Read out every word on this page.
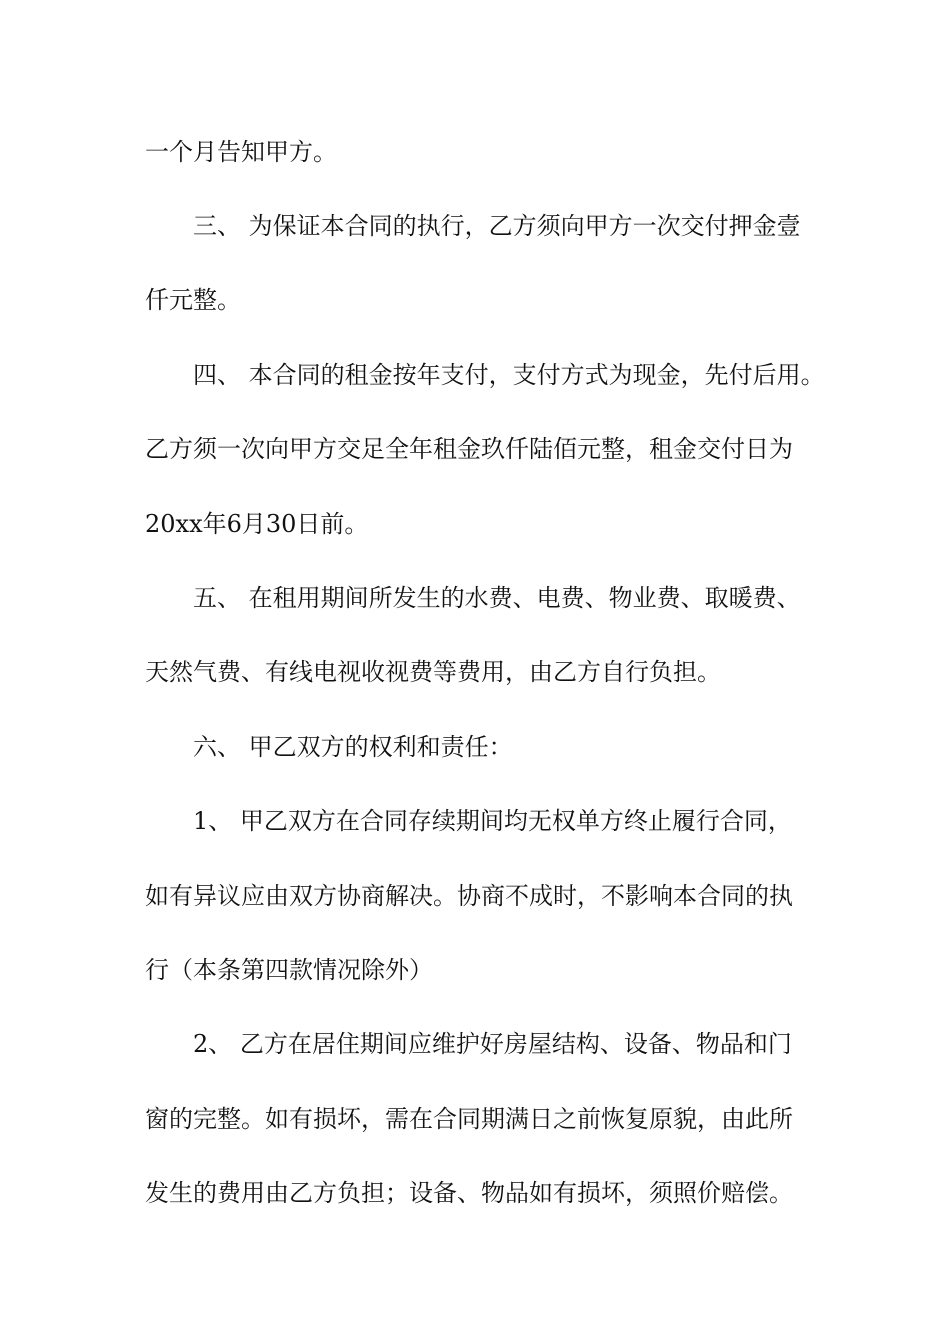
一个月告知甲方。

三、 为保证本合同的执行，乙方须向甲方一次交付押金壹

仟元整。

四、 本合同的租金按年支付，支付方式为现金，先付后用。

乙方须一次向甲方交足全年租金玖仟陆佰元整，租金交付日为

20xx年6月30日前。

五、 在租用期间所发生的水费、电费、物业费、取暖费、

天然气费、有线电视收视费等费用，由乙方自行负担。

六、 甲乙双方的权利和责任：

1、 甲乙双方在合同存续期间均无权单方终止履行合同，

如有异议应由双方协商解决。协商不成时，不影响本合同的执

行（本条第四款情况除外）

2、 乙方在居住期间应维护好房屋结构、设备、物品和门

窗的完整。如有损坏，需在合同期满日之前恢复原貌，由此所

发生的费用由乙方负担；设备、物品如有损坏，须照价赔偿。
